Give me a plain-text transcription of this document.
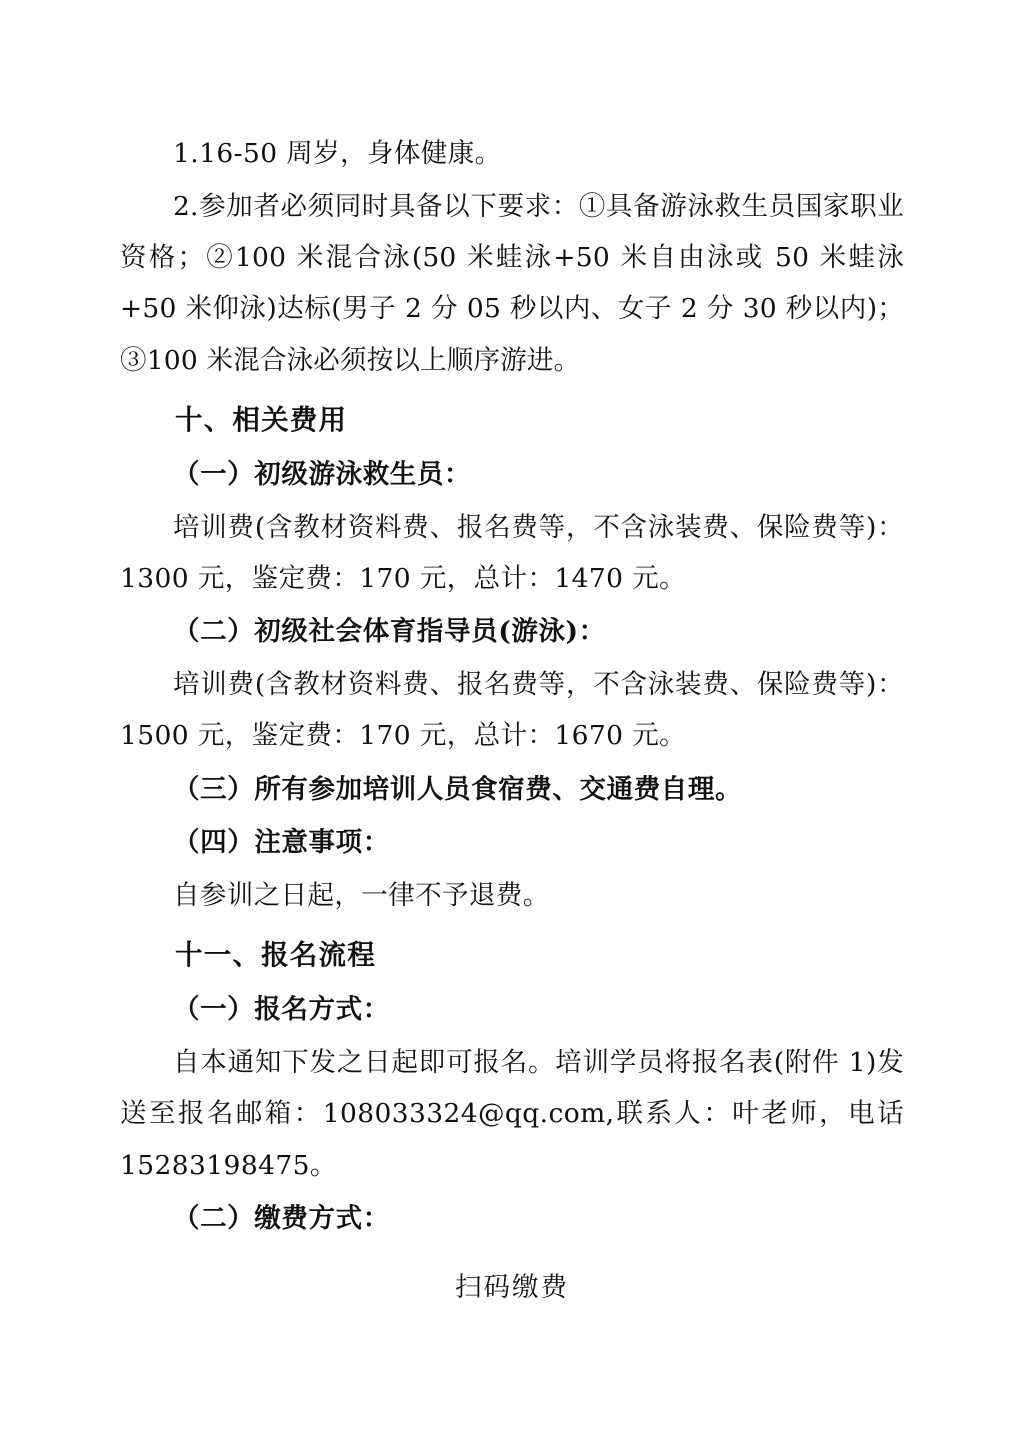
1.16-50 周岁，身体健康。

2.参加者必须同时具备以下要求：①具备游泳救生员国家职业资格；②100 米混合泳(50 米蛙泳+50 米自由泳或 50 米蛙泳+50 米仰泳)达标(男子 2 分 05 秒以内、女子 2 分 30 秒以内)；③100 米混合泳必须按以上顺序游进。

十、相关费用

（一）初级游泳救生员：

培训费(含教材资料费、报名费等，不含泳装费、保险费等)：1300 元，鉴定费：170 元，总计：1470 元。

（二）初级社会体育指导员(游泳)：

培训费(含教材资料费、报名费等，不含泳装费、保险费等)：1500 元，鉴定费：170 元，总计：1670 元。

（三）所有参加培训人员食宿费、交通费自理。

（四）注意事项：

自参训之日起，一律不予退费。

十一、报名流程

（一）报名方式：

自本通知下发之日起即可报名。培训学员将报名表(附件 1)发送至报名邮箱：108033324@qq.com,联系人：叶老师，电话 15283198475。

（二）缴费方式：

扫码缴费
